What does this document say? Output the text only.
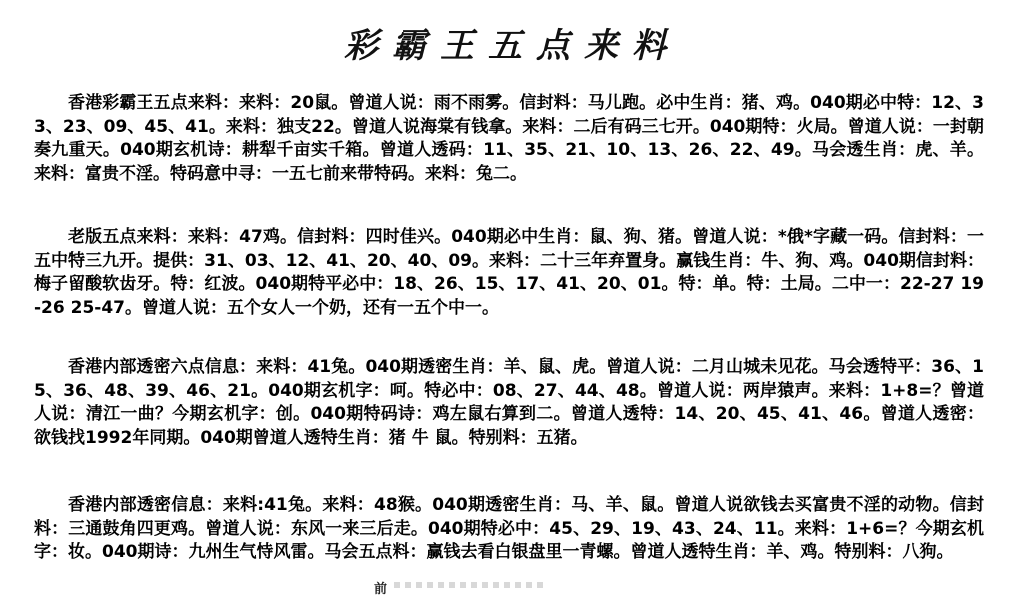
彩霸王五点来料
香港彩霸王五点来料：来料：20鼠。曾道人说：雨不雨雾。信封料：马儿跑。必中生肖：猪、鸡。040期必中特：12、33、23、09、45、41。来料：独支22。曾道人说海棠有钱拿。来料：二后有码三七开。040期特：火局。曾道人说：一封朝奏九重天。040期玄机诗：耕犁千亩实千箱。曾道人透码：11、35、21、10、13、26、22、49。马会透生肖：虎、羊。来料：富贵不淫。特码意中寻：一五七前来带特码。来料：兔二。
老版五点来料：来料：47鸡。信封料：四时佳兴。040期必中生肖：鼠、狗、猪。曾道人说：*俄*字藏一码。信封料：一五中特三九开。提供：31、03、12、41、20、40、09。来料：二十三年弃置身。赢钱生肖：牛、狗、鸡。040期信封料：梅子留酸软齿牙。特：红波。040期特平必中：18、26、15、17、41、20、01。特：单。特：土局。二中一：22-27 19-26 25-47。曾道人说：五个女人一个奶，还有一五个中一。
香港内部透密六点信息：来料：41兔。040期透密生肖：羊、鼠、虎。曾道人说：二月山城未见花。马会透特平：36、15、36、48、39、46、21。040期玄机字：呵。特必中：08、27、44、48。曾道人说：两岸猿声。来料：1+8=？曾道人说：清江一曲？今期玄机字：创。040期特码诗：鸡左鼠右算到二。曾道人透特：14、20、45、41、46。曾道人透密：欲钱找1992年同期。040期曾道人透特生肖：猪 牛 鼠。特别料：五猪。
香港内部透密信息：来料:41兔。来料：48猴。040期透密生肖：马、羊、鼠。曾道人说欲钱去买富贵不淫的动物。信封料：三通鼓角四更鸡。曾道人说：东风一来三后走。040期特必中：45、29、19、43、24、11。来料：1+6=？今期玄机字：妆。040期诗：九州生气恃风雷。马会五点料：赢钱去看白银盘里一青螺。曾道人透特生肖：羊、鸡。特别料：八狗。
前
